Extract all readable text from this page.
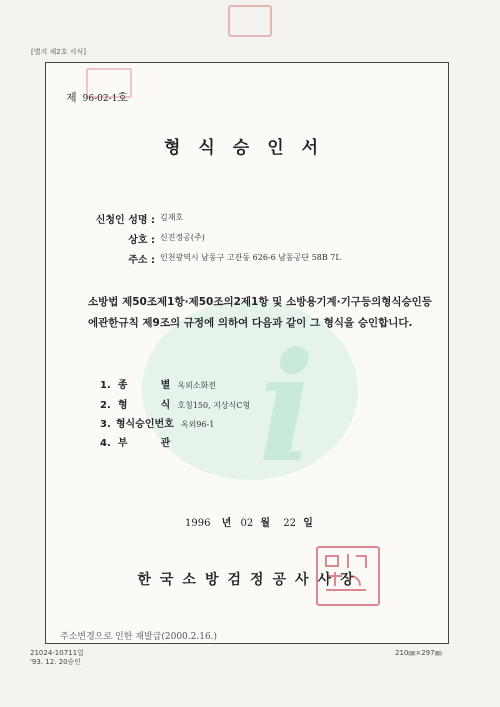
[별지 제2호 서식]
i
제 96-02-1호
형식승인서
신청인 성명 : 김재호
상호 : 신진정공(주)
주소 : 인천광역시 남동구 고잔동 626-6 남동공단 58B 7L
소방법 제50조제1항·제50조의2제1항 및 소방용기계·기구등의형식승인등에관한규칙 제9조의 규정에 의하여 다음과 같이 그 형식을 승인합니다.
1. 종	별 옥외소화전
2. 형	식 호칭150, 지상식C형
3. 형식승인번호 옥외96-1
4. 부	관
1996 년 02 월 22 일
한국소방검정공사사장
주소변경으로 인한 재발급(2000.2.16.)
21024-10711일
'93. 12. 20승인
210㎜×297㎜
